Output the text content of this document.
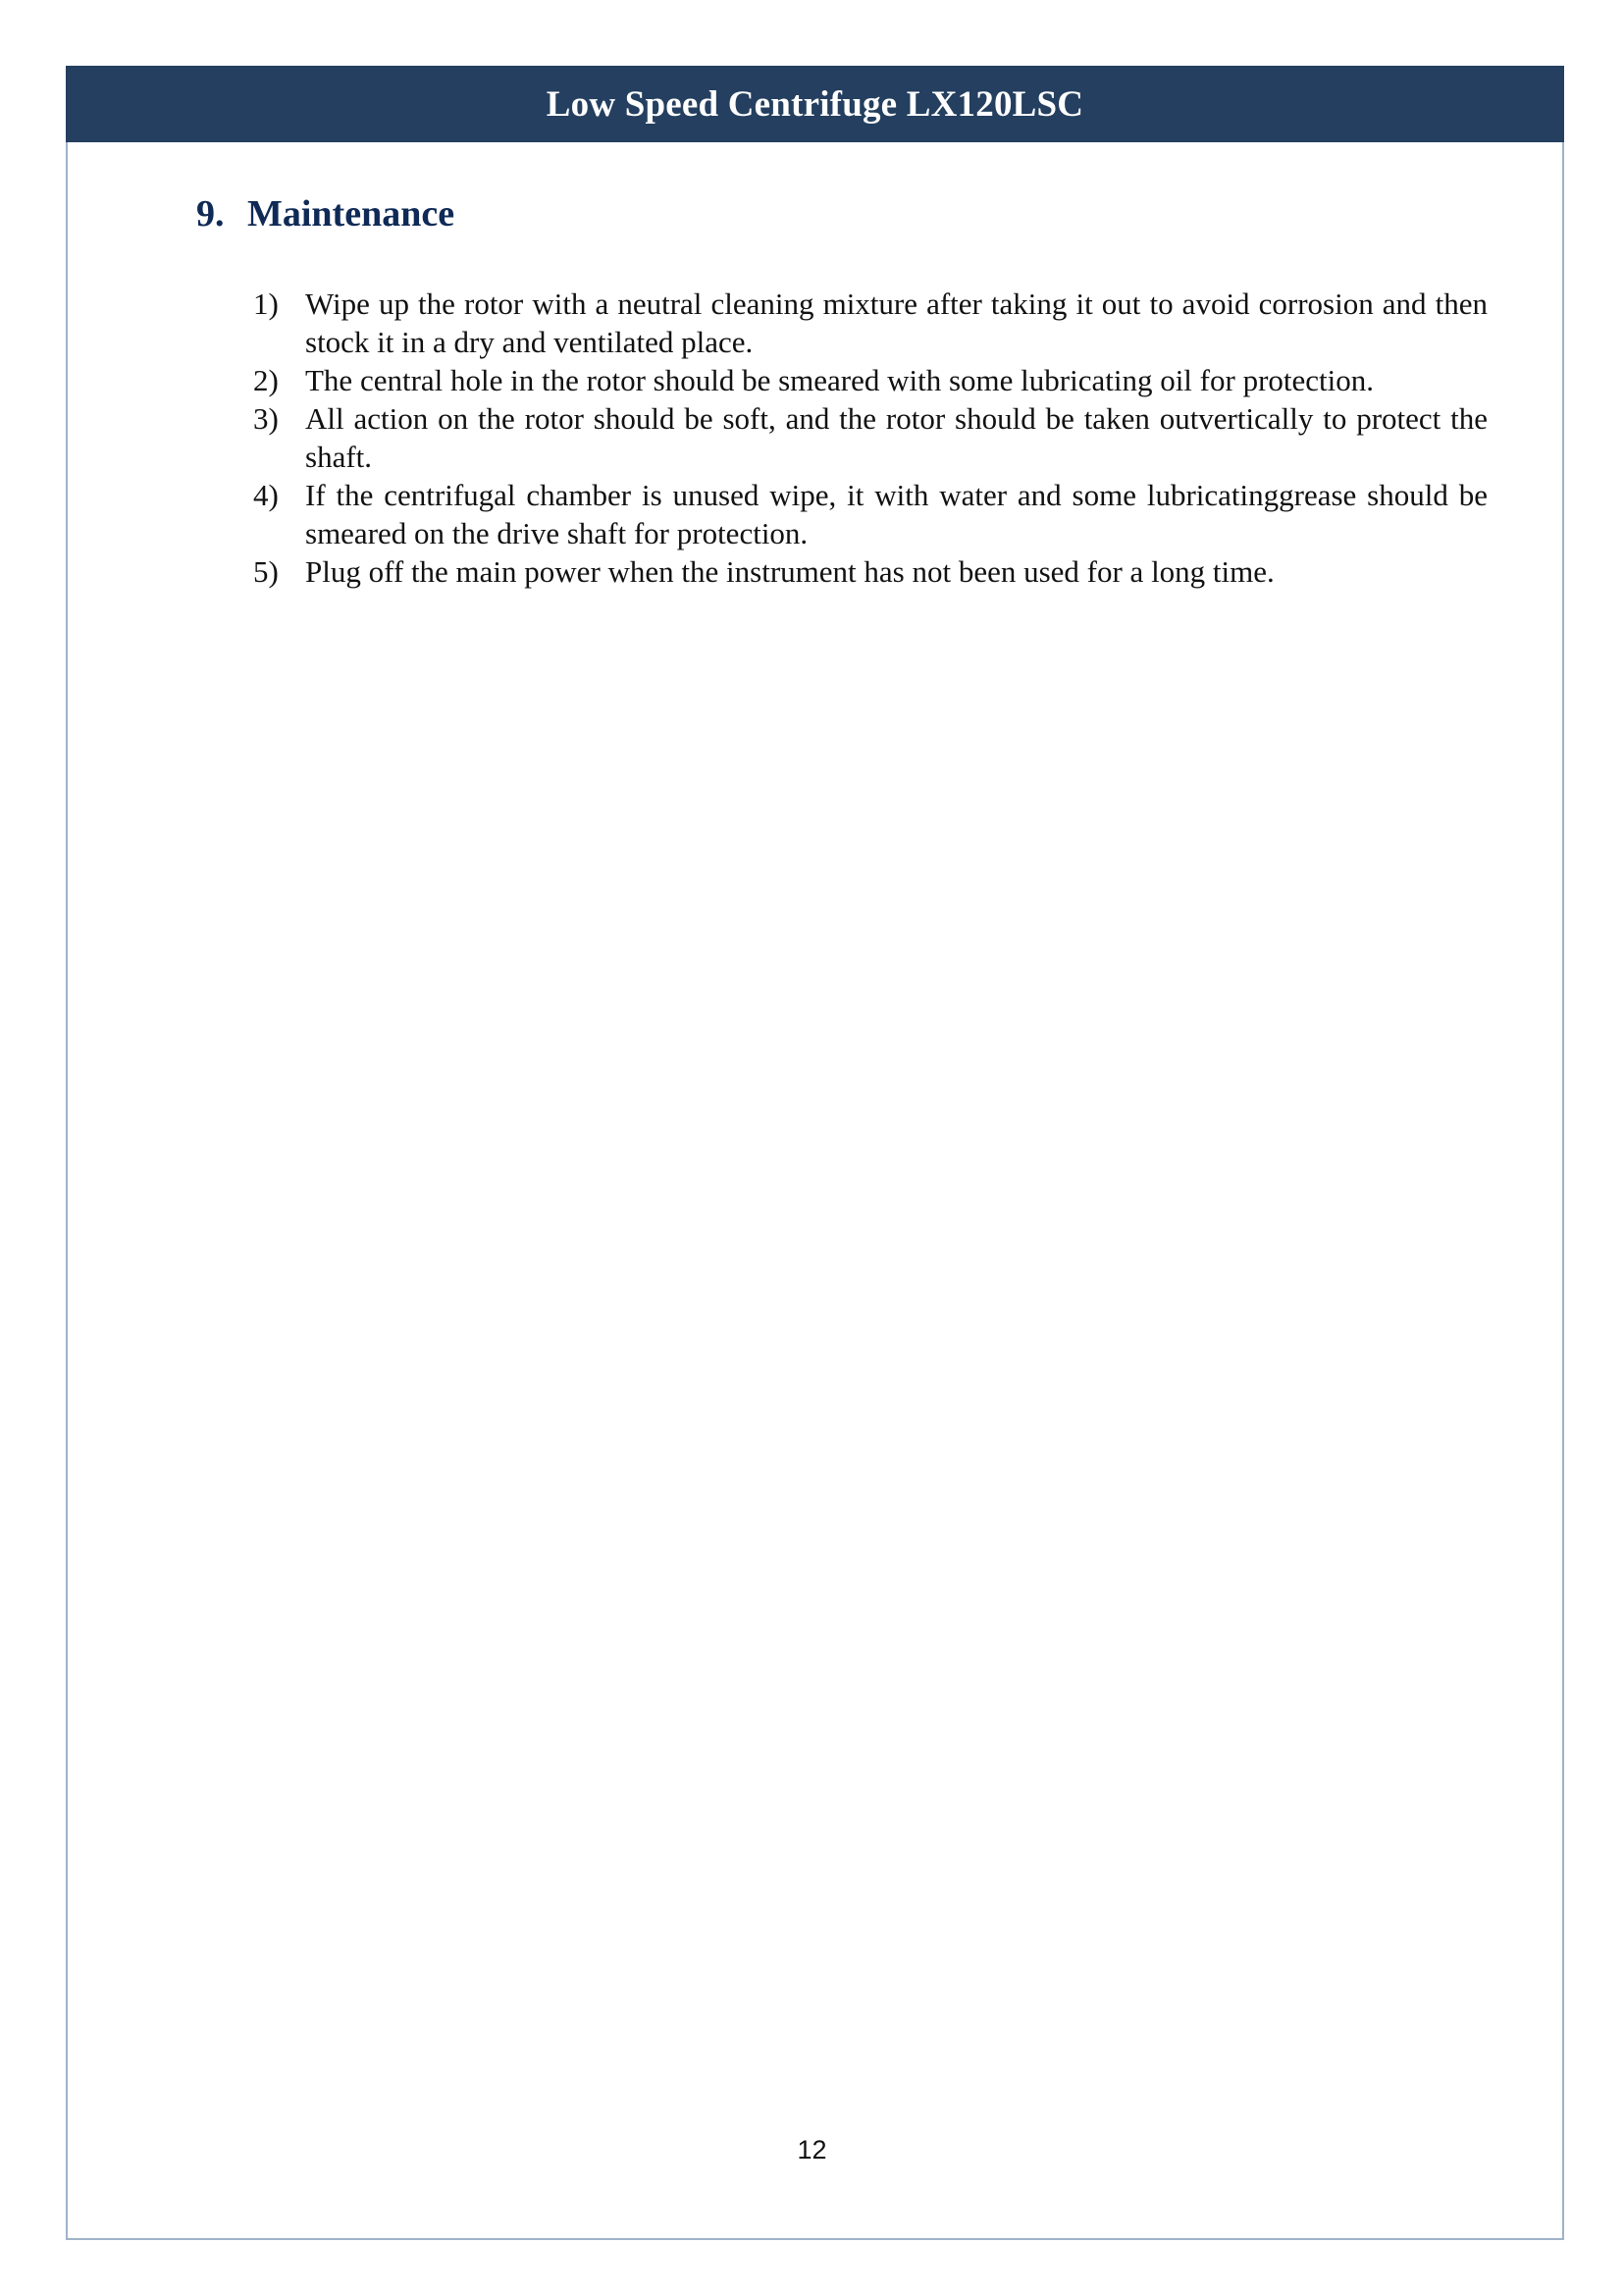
Low Speed Centrifuge LX120LSC
9. Maintenance
1) Wipe up the rotor with a neutral cleaning mixture after taking it out to avoid corrosion and then stock it in a dry and ventilated place.
2) The central hole in the rotor should be smeared with some lubricating oil for protection.
3) All action on the rotor should be soft, and the rotor should be taken outvertically to protect the shaft.
4) If the centrifugal chamber is unused wipe, it with water and some lubricatinggrease should be smeared on the drive shaft for protection.
5) Plug off the main power when the instrument has not been used for a long time.
12
